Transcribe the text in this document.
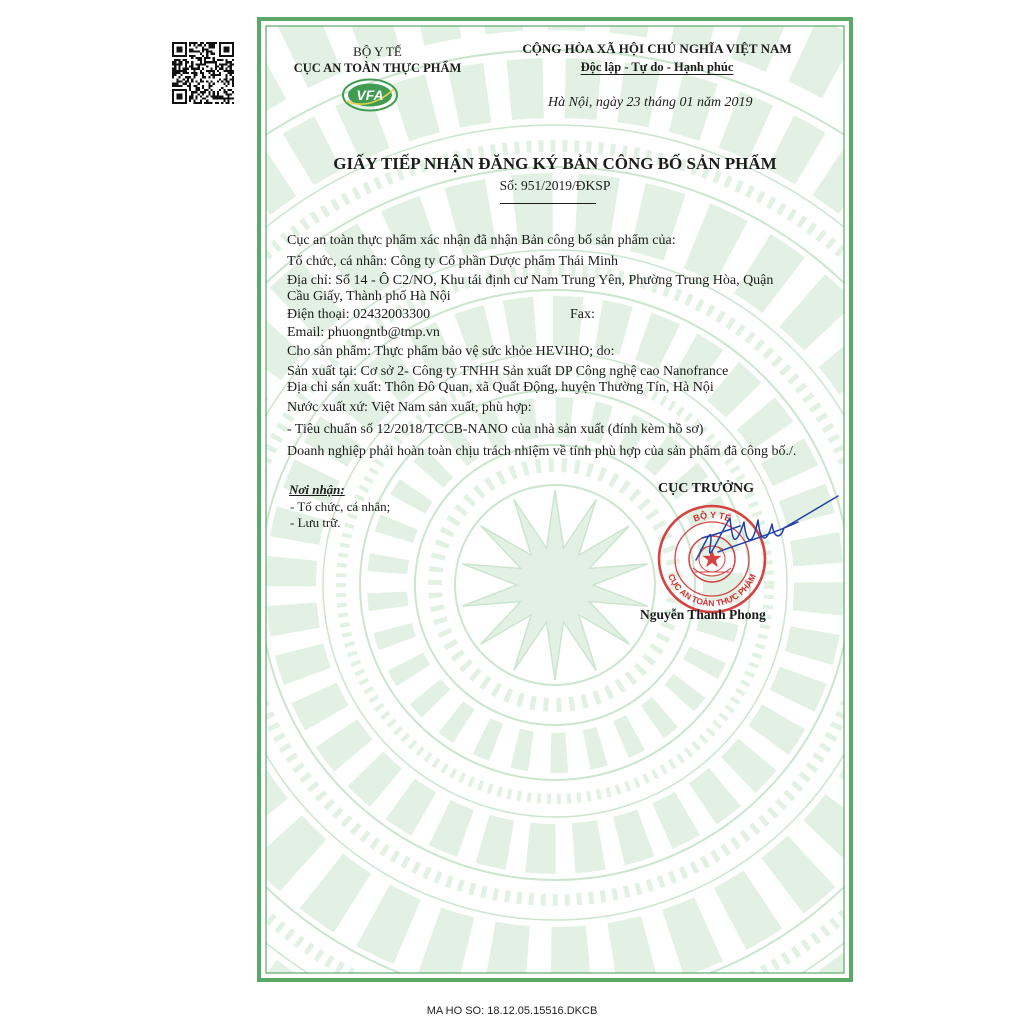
BỘ Y TẾ
CỤC AN TOÀN THỰC PHẨM
VFA
CỘNG HÒA XÃ HỘI CHỦ NGHĨA VIỆT NAM
Độc lập - Tự do - Hạnh phúc
Hà Nội, ngày 23 tháng 01 năm 2019
GIẤY TIẾP NHẬN ĐĂNG KÝ BẢN CÔNG BỐ SẢN PHẨM
Số: 951/2019/ĐKSP
Cục an toàn thực phẩm xác nhận đã nhận Bản công bố sản phẩm của:
Tổ chức, cá nhân: Công ty Cổ phần Dược phẩm Thái Minh
Địa chỉ: Số 14 - Ô C2/NO, Khu tái định cư Nam Trung Yên, Phường Trung Hòa, Quận
Cầu Giấy, Thành phố Hà Nội
Điện thoại: 02432003300	Fax:
Email: phuongntb@tmp.vn
Cho sản phẩm: Thực phẩm bảo vệ sức khỏe HEVIHO; do:
Sản xuất tại: Cơ sở 2- Công ty TNHH Sản xuất DP Công nghệ cao Nanofrance
Địa chỉ sản xuất: Thôn Đô Quan, xã Quất Động, huyện Thường Tín, Hà Nội
Nước xuất xứ: Việt Nam sản xuất, phù hợp:
- Tiêu chuẩn số 12/2018/TCCB-NANO của nhà sản xuất (đính kèm hồ sơ)
Doanh nghiệp phải hoàn toàn chịu trách nhiệm về tính phù hợp của sản phẩm đã công bố./.
Nơi nhận:
- Tổ chức, cá nhân;
- Lưu trữ.
CỤC TRƯỞNG
BỘ Y TẾ
CỤC AN TOÀN THỰC PHẨM
Nguyễn Thanh Phong
MA HO SO: 18.12.05.15516.DKCB
